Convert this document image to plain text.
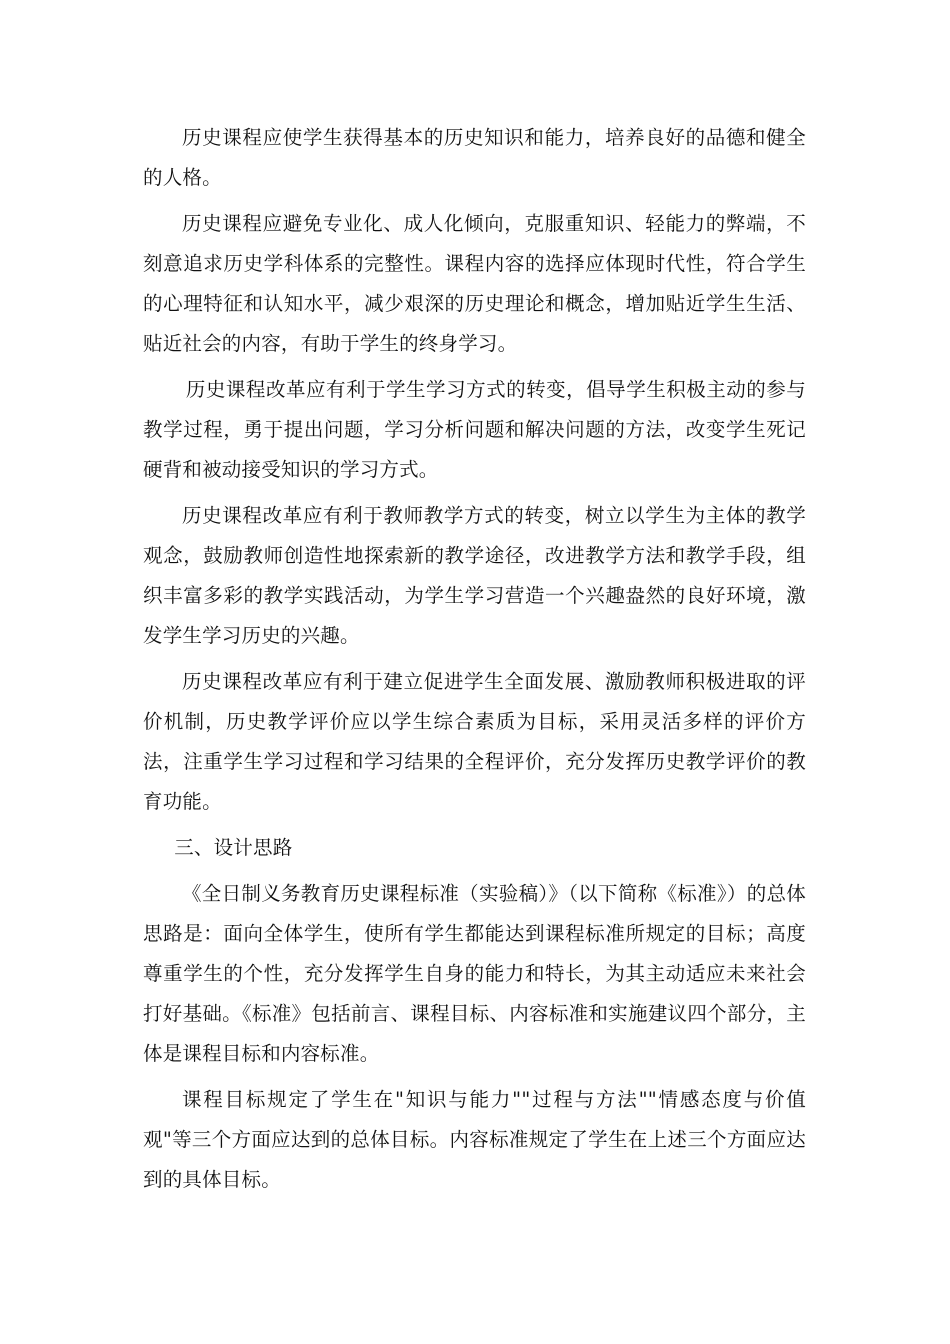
历史课程应使学生获得基本的历史知识和能力，培养良好的品德和健全的人格。

历史课程应避免专业化、成人化倾向，克服重知识、轻能力的弊端，不刻意追求历史学科体系的完整性。课程内容的选择应体现时代性，符合学生的心理特征和认知水平，减少艰深的历史理论和概念，增加贴近学生生活、贴近社会的内容，有助于学生的终身学习。

历史课程改革应有利于学生学习方式的转变，倡导学生积极主动的参与教学过程，勇于提出问题，学习分析问题和解决问题的方法，改变学生死记硬背和被动接受知识的学习方式。

历史课程改革应有利于教师教学方式的转变，树立以学生为主体的教学观念，鼓励教师创造性地探索新的教学途径，改进教学方法和教学手段，组织丰富多彩的教学实践活动，为学生学习营造一个兴趣盎然的良好环境，激发学生学习历史的兴趣。

历史课程改革应有利于建立促进学生全面发展、激励教师积极进取的评价机制，历史教学评价应以学生综合素质为目标，采用灵活多样的评价方法，注重学生学习过程和学习结果的全程评价，充分发挥历史教学评价的教育功能。

三、设计思路

《全日制义务教育历史课程标准（实验稿）》（以下简称《标准》）的总体思路是：面向全体学生，使所有学生都能达到课程标准所规定的目标；高度尊重学生的个性，充分发挥学生自身的能力和特长，为其主动适应未来社会打好基础。《标准》包括前言、课程目标、内容标准和实施建议四个部分，主体是课程目标和内容标准。

课程目标规定了学生在"知识与能力""过程与方法""情感态度与价值观"等三个方面应达到的总体目标。内容标准规定了学生在上述三个方面应达到的具体目标。
